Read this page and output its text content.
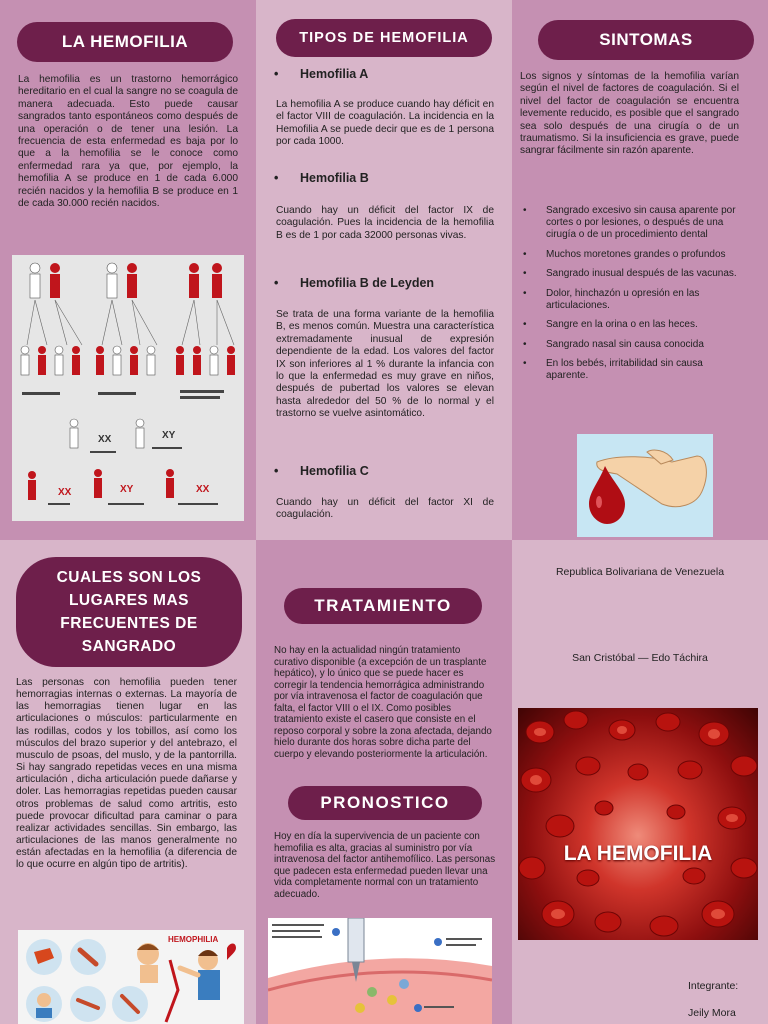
LA HEMOFILIA
La hemofilia es un trastorno hemorrágico hereditario en el cual la sangre no se coagula de manera adecuada. Esto puede causar sangrados tanto espontáneos como después de una operación o de tener una lesión. La frecuencia de esta enfermedad es baja por lo que a la hemofilia se le conoce como enfermedad rara ya que, por ejemplo, la hemofilia A se produce en 1 de cada 6.000 recién nacidos y la hemofilia B se produce en 1 de cada 30.000 recién nacidos.
XX	XY
XX	XY	XX
TIPOS DE HEMOFILIA
• Hemofilia A
La hemofilia A se produce cuando hay déficit en el factor VIII de coagulación. La incidencia en la Hemofilia A se puede decir que es de 1 persona por cada 1000.
• Hemofilia B
Cuando hay un déficit del factor IX de coagulación. Pues la incidencia de la hemofilia B es de 1 por cada 32000 personas vivas.
• Hemofilia B de Leyden
Se trata de una forma variante de la hemofilia B, es menos común. Muestra una característica extremadamente inusual de expresión dependiente de la edad. Los valores del factor IX son inferiores al 1 % durante la infancia con lo que la enfermedad es muy grave en niños, después de pubertad los valores se elevan hasta alrededor del 50 % de lo normal y el trastorno se vuelve asintomático.
• Hemofilia C
Cuando hay un déficit del factor XI de coagulación.
SINTOMAS
Los signos y síntomas de la hemofilia varían según el nivel de factores de coagulación. Si el nivel del factor de coagulación se encuentra levemente reducido, es posible que el sangrado sea solo después de una cirugía o de un traumatismo. Si la insuficiencia es grave, puede sangrar fácilmente sin razón aparente.
• Sangrado excesivo sin causa aparente por cortes o por lesiones, o después de una cirugía o de un procedimiento dental
• Muchos moretones grandes o profundos
• Sangrado inusual después de las vacunas.
• Dolor, hinchazón u opresión en las articulaciones.
• Sangre en la orina o en las heces.
• Sangrado nasal sin causa conocida
• En los bebés, irritabilidad sin causa aparente.
CUALES SON LOS LUGARES MAS FRECUENTES DE SANGRADO
Las personas con hemofilia pueden tener hemorragias internas o externas. La mayoría de las hemorragias tienen lugar en las articulaciones o músculos: particularmente en las rodillas, codos y los tobillos, así como los músculos del brazo superior y del antebrazo, el musculo de psoas, del muslo, y de la pantorrilla. Si hay sangrado repetidas veces en una misma articulación , dicha articulación puede dañarse y doler. Las hemorragias repetidas pueden causar otros problemas de salud como artritis, esto puede provocar dificultad para caminar o para realizar actividades sencillas. Sin embargo, las articulaciones de las manos generalmente no están afectadas en la hemofilia (a diferencia de lo que ocurre en algún tipo de artritis).
HEMOPHILIA
TRATAMIENTO
No hay en la actualidad ningún tratamiento curativo disponible (a excepción de un trasplante hepático), y lo único que se puede hacer es corregir la tendencia hemorrágica administrando por vía intravenosa el factor de coagulación que falta, el factor VIII o el IX. Como posibles tratamiento existe el casero que consiste en el reposo corporal y sobre la zona afectada, dejando hielo durante dos horas sobre dicha parte del cuerpo y elevando posteriormente la articulación.
PRONOSTICO
Hoy en día la supervivencia de un paciente con hemofilia es alta, gracias al suministro por vía intravenosa del factor antihemofílico. Las personas que padecen esta enfermedad pueden llevar una vida completamente normal con un tratamiento adecuado.
Republica Bolivariana de Venezuela
San Cristóbal — Edo Táchira
LA HEMOFILIA
Integrante:
Jeily Mora
